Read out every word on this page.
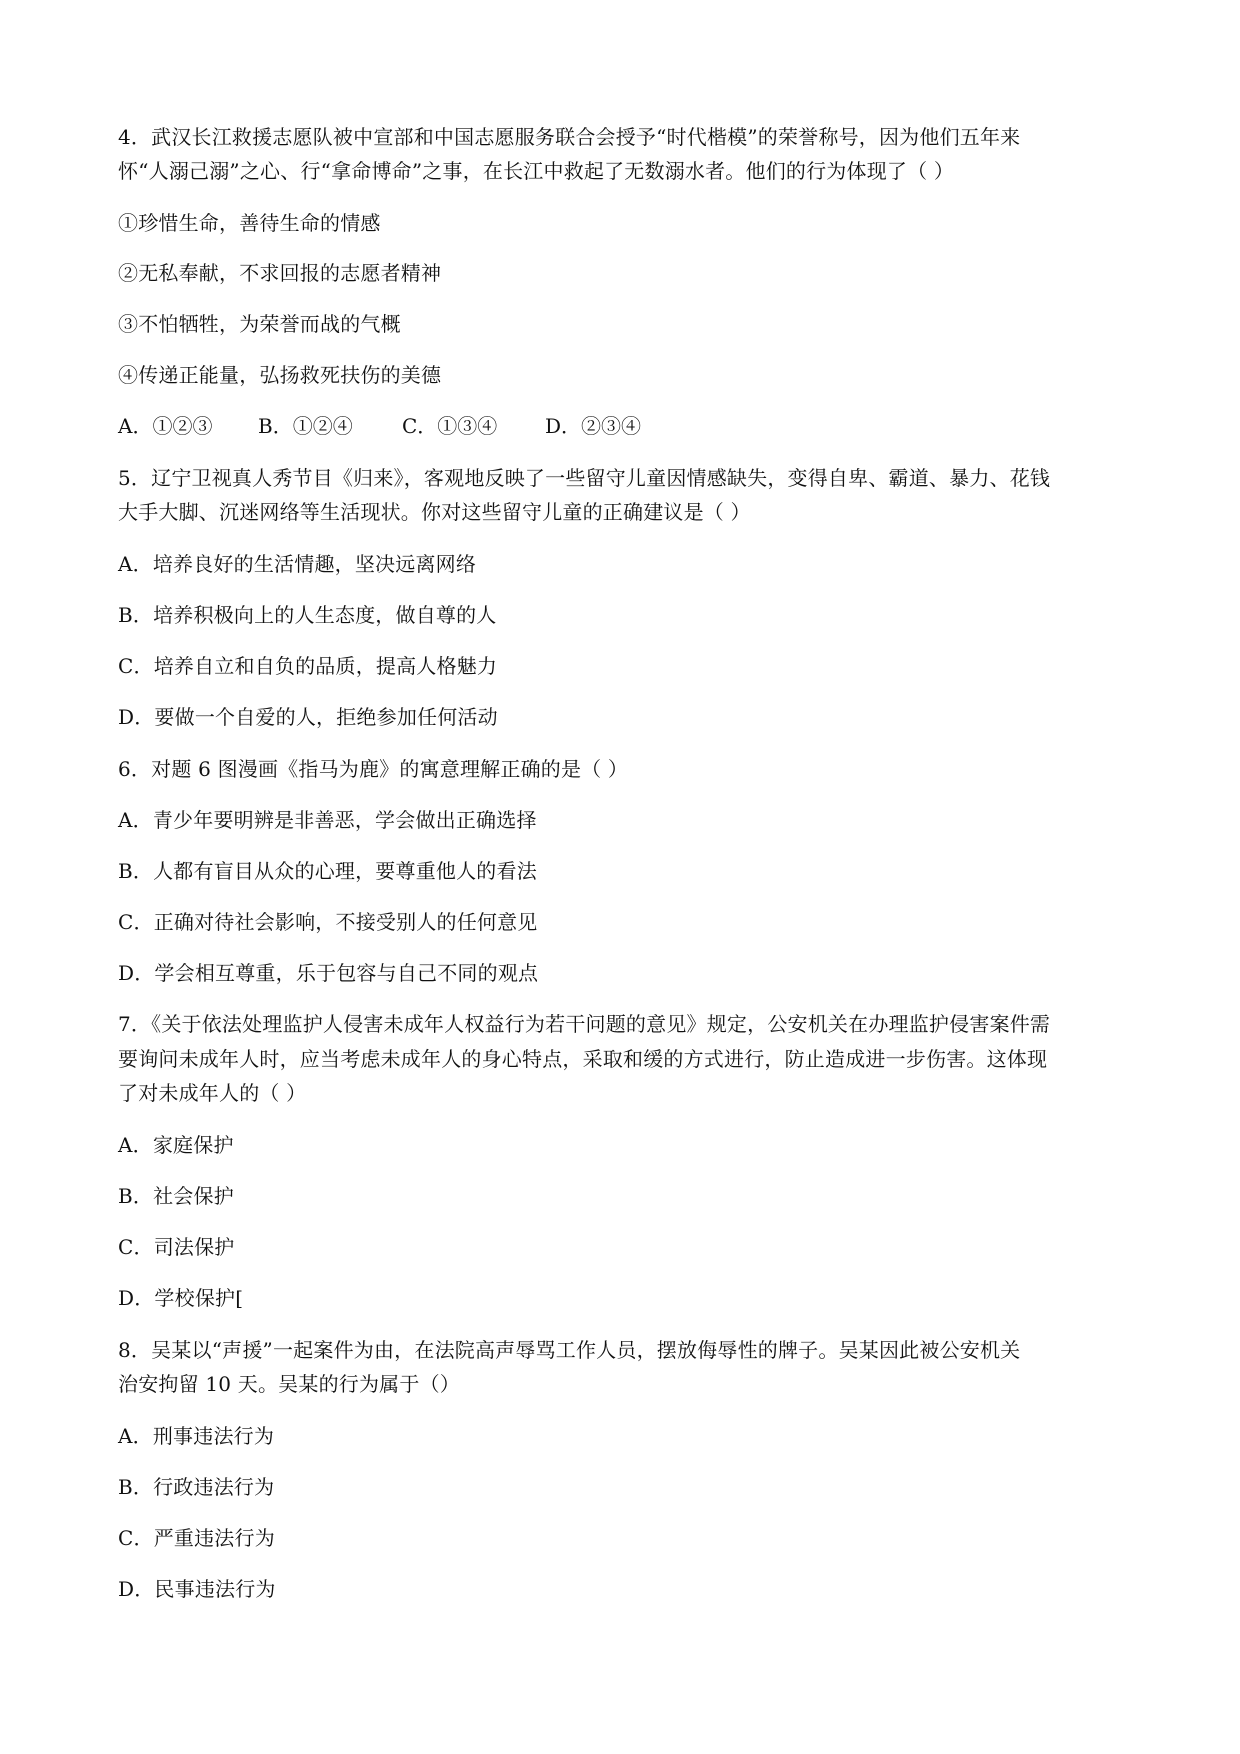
4．武汉长江救援志愿队被中宣部和中国志愿服务联合会授予“时代楷模”的荣誉称号，因为他们五年来
怀“人溺己溺”之心、行“拿命博命”之事，在长江中救起了无数溺水者。他们的行为体现了（ ）
①珍惜生命，善待生命的情感
②无私奉献，不求回报的志愿者精神
③不怕牺牲，为荣誉而战的气概
④传递正能量，弘扬救死扶伤的美德
A．①②③ B．①②④ C．①③④ D．②③④
5．辽宁卫视真人秀节目《归来》，客观地反映了一些留守儿童因情感缺失，变得自卑、霸道、暴力、花钱
大手大脚、沉迷网络等生活现状。你对这些留守儿童的正确建议是（ ）
A．培养良好的生活情趣，坚决远离网络
B．培养积极向上的人生态度，做自尊的人
C．培养自立和自负的品质，提高人格魅力
D．要做一个自爱的人，拒绝参加任何活动
6．对题 6 图漫画《指马为鹿》的寓意理解正确的是（ ）
A．青少年要明辨是非善恶，学会做出正确选择
B．人都有盲目从众的心理，要尊重他人的看法
C．正确对待社会影响，不接受别人的任何意见
D．学会相互尊重，乐于包容与自己不同的观点
7．《关于依法处理监护人侵害未成年人权益行为若干问题的意见》规定，公安机关在办理监护侵害案件需
要询问未成年人时，应当考虑未成年人的身心特点，采取和缓的方式进行，防止造成进一步伤害。这体现
了对未成年人的（ ）
A．家庭保护
B．社会保护
C．司法保护
D．学校保护[
8．吴某以“声援”一起案件为由，在法院高声辱骂工作人员，摆放侮辱性的牌子。吴某因此被公安机关
治安拘留 10 天。吴某的行为属于（）
A．刑事违法行为
B．行政违法行为
C．严重违法行为
D．民事违法行为
